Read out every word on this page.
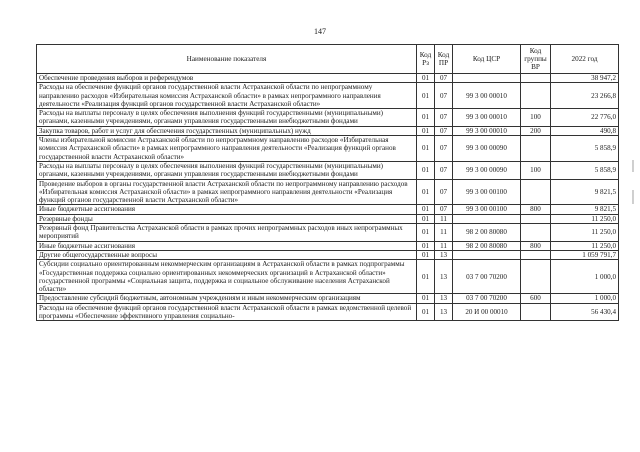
147
Наименование показателя	Код Рз	Код ПР	Код ЦСР	Код группы ВР	2022 год
Обеспечение проведения выборов и референдумов	01	07			38 947,2
Расходы на обеспечение функций органов государственной власти Астраханской области по непрограммному направлению расходов «Избирательная комиссия Астраханской области» в рамках непрограммного направления деятельности «Реализация функций органов государственной власти Астраханской области»	01	07	99 3 00 00010		23 266,8
Расходы на выплаты персоналу в целях обеспечения выполнения функций государственными (муниципальными) органами, казенными учреждениями, органами управления государственными внебюджетными фондами	01	07	99 3 00 00010	100	22 776,0
Закупка товаров, работ и услуг для обеспечения государственных (муниципальных) нужд	01	07	99 3 00 00010	200	490,8
Члены избирательной комиссии Астраханской области по непрограммному направлению расходов «Избирательная комиссия Астраханской области» в рамках непрограммного направления деятельности «Реализация функций органов государственной власти Астраханской области»	01	07	99 3 00 00090		5 858,9
Расходы на выплаты персоналу в целях обеспечения выполнения функций государственными (муниципальными) органами, казенными учреждениями, органами управления государственными внебюджетными фондами	01	07	99 3 00 00090	100	5 858,9
Проведение выборов в органы государственной власти Астраханской области по непрограммному направлению расходов «Избирательная комиссия Астраханской области» в рамках непрограммного направления деятельности «Реализация функций органов государственной власти Астраханской области»	01	07	99 3 00 00100		9 821,5
Иные бюджетные ассигнования	01	07	99 3 00 00100	800	9 821,5
Резервные фонды	01	11			11 250,0
Резервный фонд Правительства Астраханской области в рамках прочих непрограммных расходов иных непрограммных мероприятий	01	11	98 2 00 80080		11 250,0
Иные бюджетные ассигнования	01	11	98 2 00 80080	800	11 250,0
Другие общегосударственные вопросы	01	13			1 059 791,7
Субсидии социально ориентированным некоммерческим организациям в Астраханской области в рамках подпрограммы «Государственная поддержка социально ориентированных некоммерческих организаций в Астраханской области» государственной программы «Социальная защита, поддержка и социальное обслуживание населения Астраханской области»	01	13	03 7 00 70200		1 000,0
Предоставление субсидий бюджетным, автономным учреждениям и иным некоммерческим организациям	01	13	03 7 00 70200	600	1 000,0
Расходы на обеспечение функций органов государственной власти Астраханской области в рамках ведомственной целевой программы «Обеспечение эффективного управления социально-	01	13	20 И 00 00010		56 430,4
